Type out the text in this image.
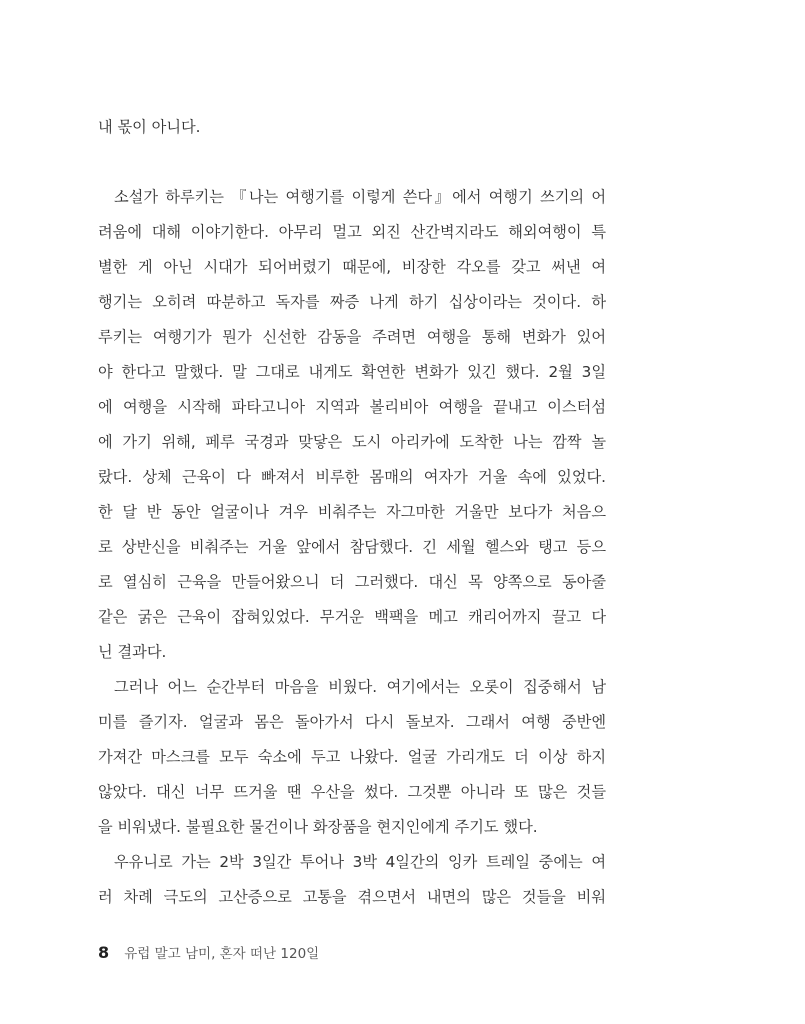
내 몫이 아니다.
소설가 하루키는 『나는 여행기를 이렇게 쓴다』에서 여행기 쓰기의 어
려움에 대해 이야기한다. 아무리 멀고 외진 산간벽지라도 해외여행이 특
별한 게 아닌 시대가 되어버렸기 때문에, 비장한 각오를 갖고 써낸 여
행기는 오히려 따분하고 독자를 짜증 나게 하기 십상이라는 것이다. 하
루키는 여행기가 뭔가 신선한 감동을 주려면 여행을 통해 변화가 있어
야 한다고 말했다. 말 그대로 내게도 확연한 변화가 있긴 했다. 2월 3일
에 여행을 시작해 파타고니아 지역과 볼리비아 여행을 끝내고 이스터섬
에 가기 위해, 페루 국경과 맞닿은 도시 아리카에 도착한 나는 깜짝 놀
랐다. 상체 근육이 다 빠져서 비루한 몸매의 여자가 거울 속에 있었다.
한 달 반 동안 얼굴이나 겨우 비춰주는 자그마한 거울만 보다가 처음으
로 상반신을 비춰주는 거울 앞에서 참담했다. 긴 세월 헬스와 탱고 등으
로 열심히 근육을 만들어왔으니 더 그러했다. 대신 목 양쪽으로 동아줄
같은 굵은 근육이 잡혀있었다. 무거운 백팩을 메고 캐리어까지 끌고 다
닌 결과다.
그러나 어느 순간부터 마음을 비웠다. 여기에서는 오롯이 집중해서 남
미를 즐기자. 얼굴과 몸은 돌아가서 다시 돌보자. 그래서 여행 중반엔
가져간 마스크를 모두 숙소에 두고 나왔다. 얼굴 가리개도 더 이상 하지
않았다. 대신 너무 뜨거울 땐 우산을 썼다. 그것뿐 아니라 또 많은 것들
을 비워냈다. 불필요한 물건이나 화장품을 현지인에게 주기도 했다.
우유니로 가는 2박 3일간 투어나 3박 4일간의 잉카 트레일 중에는 여
러 차례 극도의 고산증으로 고통을 겪으면서 내면의 많은 것들을 비워
8 유럽 말고 남미, 혼자 떠난 120일
